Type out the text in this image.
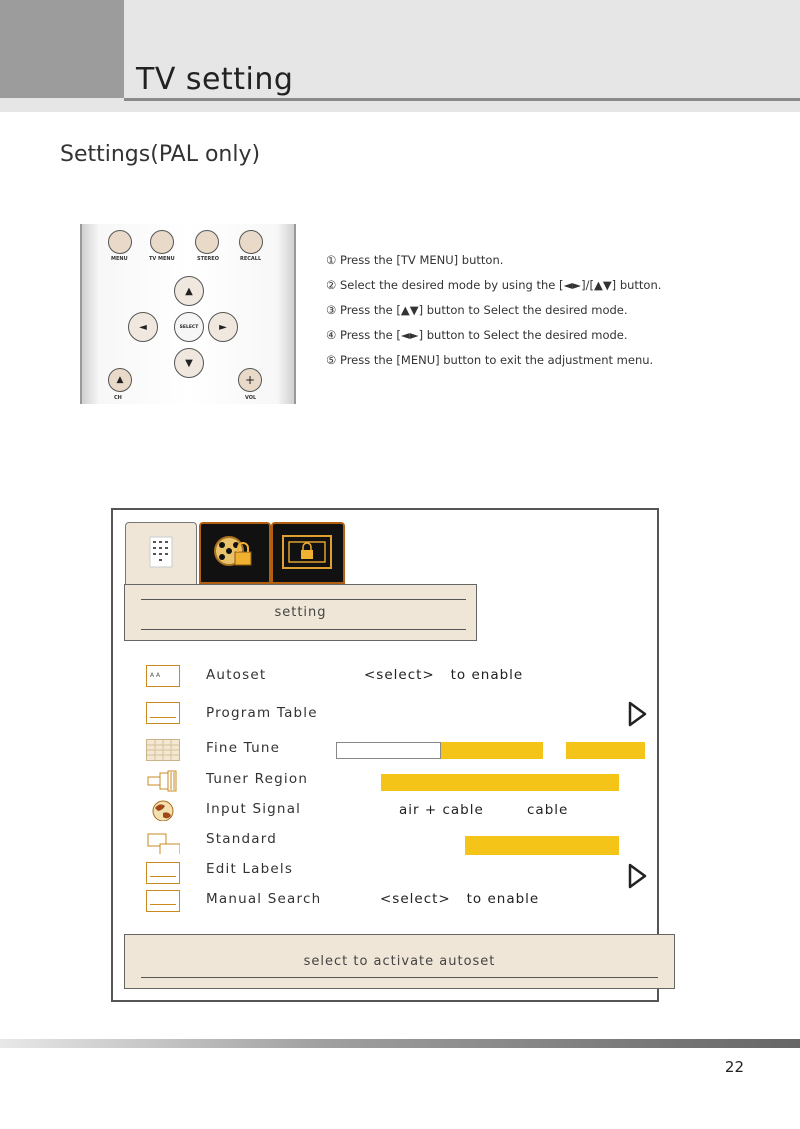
TV setting
Settings(PAL only)
MENU	TV MENU	STEREO	RECALL
▲
◄	SELECT	►
▼
▲	+
CH	VOL
① Press the [TV MENU] button.
② Select the desired mode by using the [◄►]/[▲▼] button.
③ Press the [▲▼] button to Select the desired mode.
④ Press the [◄►] button to Select the desired mode.
⑤ Press the [MENU] button to exit the adjustment menu.
setting
A A	Autoset	<select>   to enable
Program Table
Fine Tune
Tuner Region
Input Signal	air + cable	cable
Standard
Edit Labels
Manual Search	<select>   to enable
select to activate autoset
22
